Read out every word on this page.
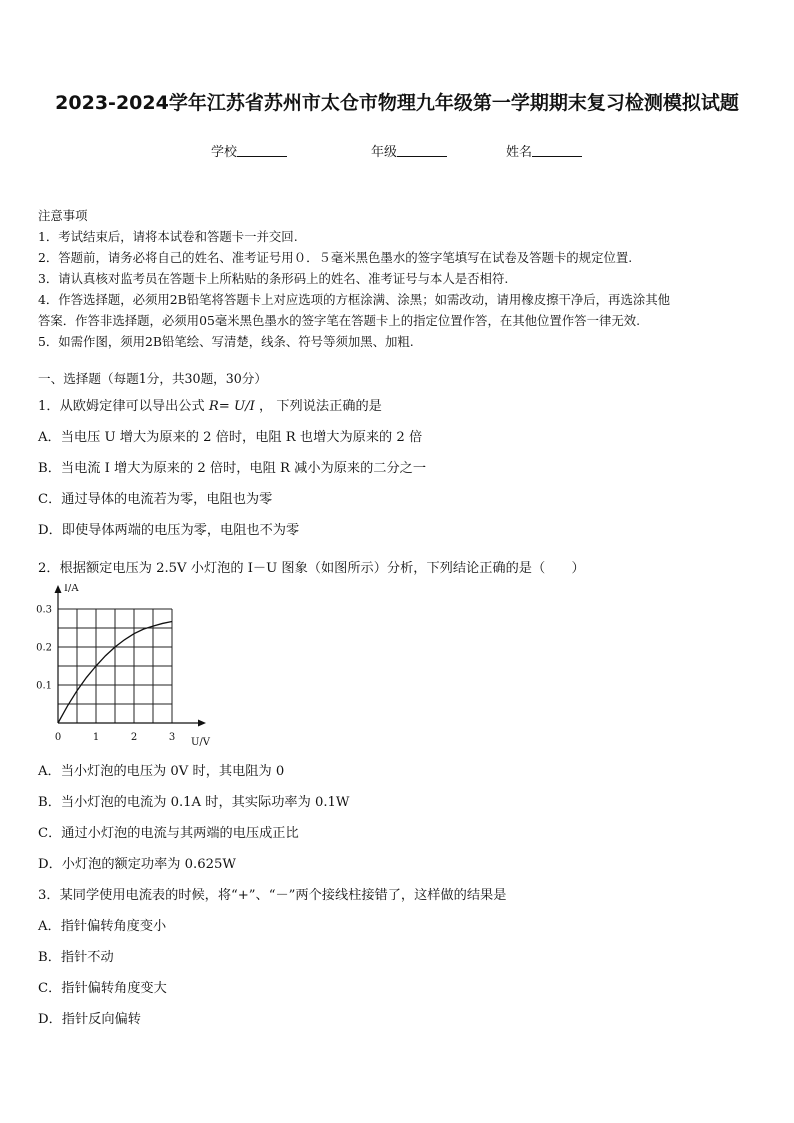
2023-2024学年江苏省苏州市太仓市物理九年级第一学期期末复习检测模拟试题
学校	年级	姓名

注意事项

1．考试结束后，请将本试卷和答题卡一并交回.

2．答题前，请务必将自己的姓名、准考证号用０．５毫米黑色墨水的签字笔填写在试卷及答题卡的规定位置.

3．请认真核对监考员在答题卡上所粘贴的条形码上的姓名、准考证号与本人是否相符.

4．作答选择题，必须用2B铅笔将答题卡上对应选项的方框涂满、涂黑；如需改动，请用橡皮擦干净后，再选涂其他

答案．作答非选择题，必须用05毫米黑色墨水的签字笔在答题卡上的指定位置作答，在其他位置作答一律无效.

5．如需作图，须用2B铅笔绘、写清楚，线条、符号等须加黑、加粗.

一、选择题（每题1分，共30题，30分）
1．从欧姆定律可以导出公式 R= U/I ， 下列说法正确的是
A．当电压 U 增大为原来的 2 倍时，电阻 R 也增大为原来的 2 倍
B．当电流 I 增大为原来的 2 倍时，电阻 R 减小为原来的二分之一
C．通过导体的电流若为零，电阻也为零
D．即使导体两端的电压为零，电阻也不为零
2．根据额定电压为 2.5V 小灯泡的 I－U 图象（如图所示）分析，下列结论正确的是（　　）
0	1	2	3
0.1
0.2
0.3
U/V
I/A
A．当小灯泡的电压为 0V 时，其电阻为 0
B．当小灯泡的电流为 0.1A 时，其实际功率为 0.1W
C．通过小灯泡的电流与其两端的电压成正比
D．小灯泡的额定功率为 0.625W
3．某同学使用电流表的时候，将“+”、“－”两个接线柱接错了，这样做的结果是
A．指针偏转角度变小
B．指针不动
C．指针偏转角度变大
D．指针反向偏转
